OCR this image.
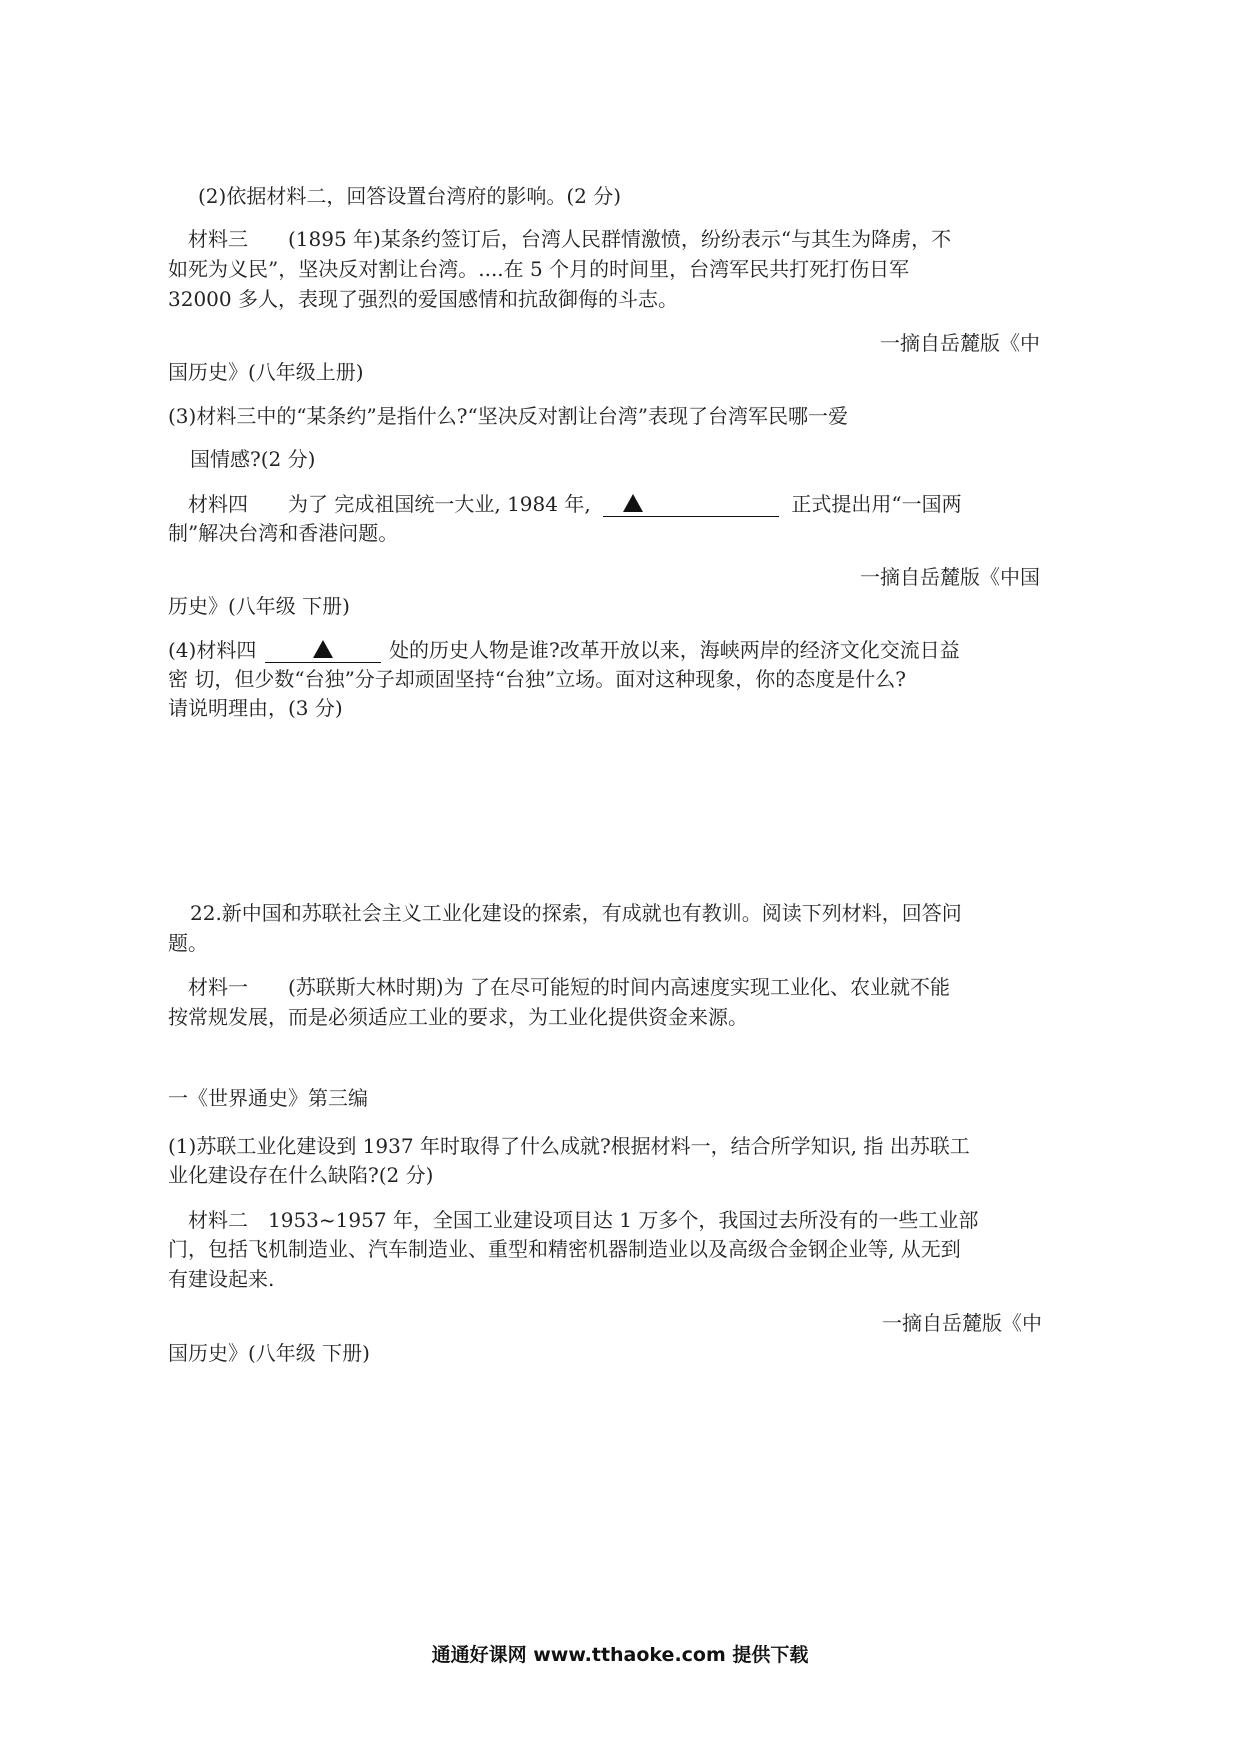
(2)依据材料二，回答设置台湾府的影响。(2 分)
材料三　　(1895 年)某条约签订后，台湾人民群情激愤，纷纷表示“与其生为降虏，不
如死为义民”，坚决反对割让台湾。....在 5 个月的时间里，台湾军民共打死打伤日军
32000 多人，表现了强烈的爱国感情和抗敌御侮的斗志。
一摘自岳麓版《中
国历史》(八年级上册)
(3)材料三中的“某条约”是指什么?“坚决反对割让台湾”表现了台湾军民哪一爱
国情感?(2 分)
材料四　　为了 完成祖国统一大业, 1984 年,	正式提出用“一国两
制”解决台湾和香港问题。
一摘自岳麓版《中国
历史》(八年级 下册)
(4)材料四	处的历史人物是谁?改革开放以来，海峡两岸的经济文化交流日益
密 切，但少数“台独”分子却顽固坚持“台独”立场。面对这种现象，你的态度是什么?
请说明理由，(3 分)
22.新中国和苏联社会主义工业化建设的探索，有成就也有教训。阅读下列材料，回答问
题。
材料一　　(苏联斯大林时期)为 了在尽可能短的时间内高速度实现工业化、农业就不能
按常规发展，而是必须适应工业的要求，为工业化提供资金来源。
一《世界通史》第三编
(1)苏联工业化建设到 1937 年时取得了什么成就?根据材料一，结合所学知识, 指 出苏联工
业化建设存在什么缺陷?(2 分)
材料二　1953~1957 年，全国工业建设项目达 1 万多个，我国过去所没有的一些工业部
门，包括飞机制造业、汽车制造业、重型和精密机器制造业以及高级合金钢企业等, 从无到
有建设起来.
一摘自岳麓版《中
国历史》(八年级 下册)
通通好课网 www.tthaoke.com 提供下载
